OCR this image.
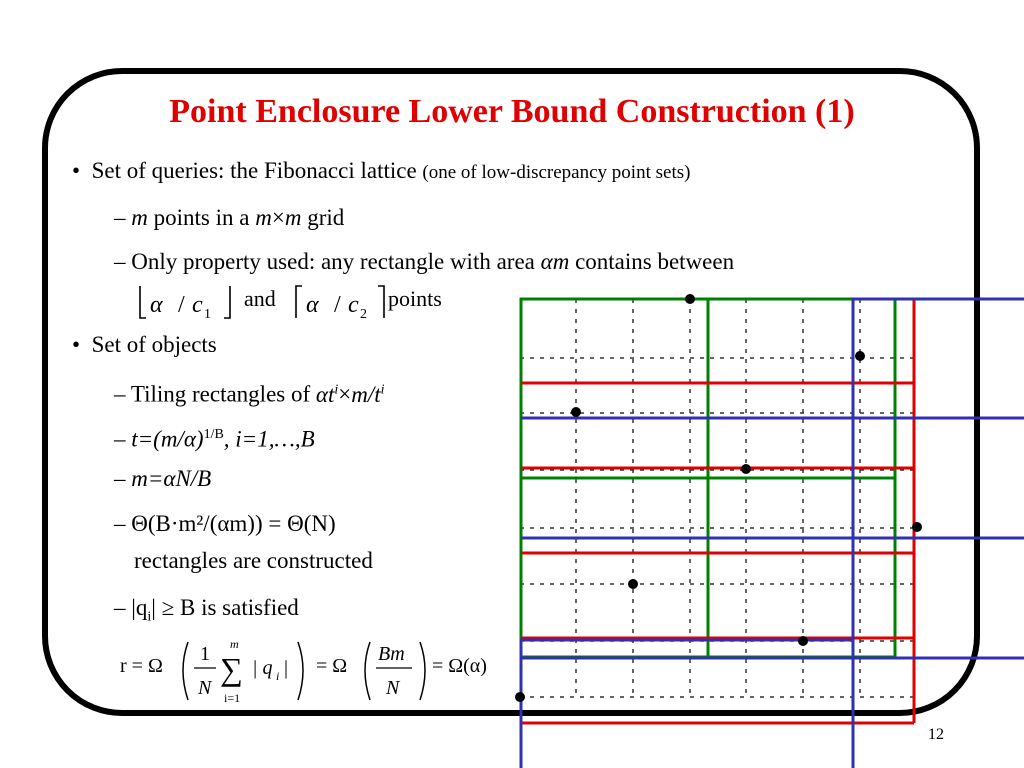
Point Enclosure Lower Bound Construction (1)
•  Set of queries: the Fibonacci lattice (one of low-discrepancy point sets)
– m points in a m×m grid
– Only property used: any rectangle with area αm contains between
α / c 1
and α / c 2
points
•  Set of objects
– Tiling rectangles of $\alpha t^i\times m/t^i$
– $t=(m/\alpha)^{1/B}$, i=1,…,B
– m=αN/B
– Θ(B·m²/(αm)) = Θ(N)
rectangles are constructed
– $|q_i| \ge B$ is satisfied
r = Ω
1
N
m
∑
i=1
| q i | = Ω
Bm
N
= Ω(α)
12
